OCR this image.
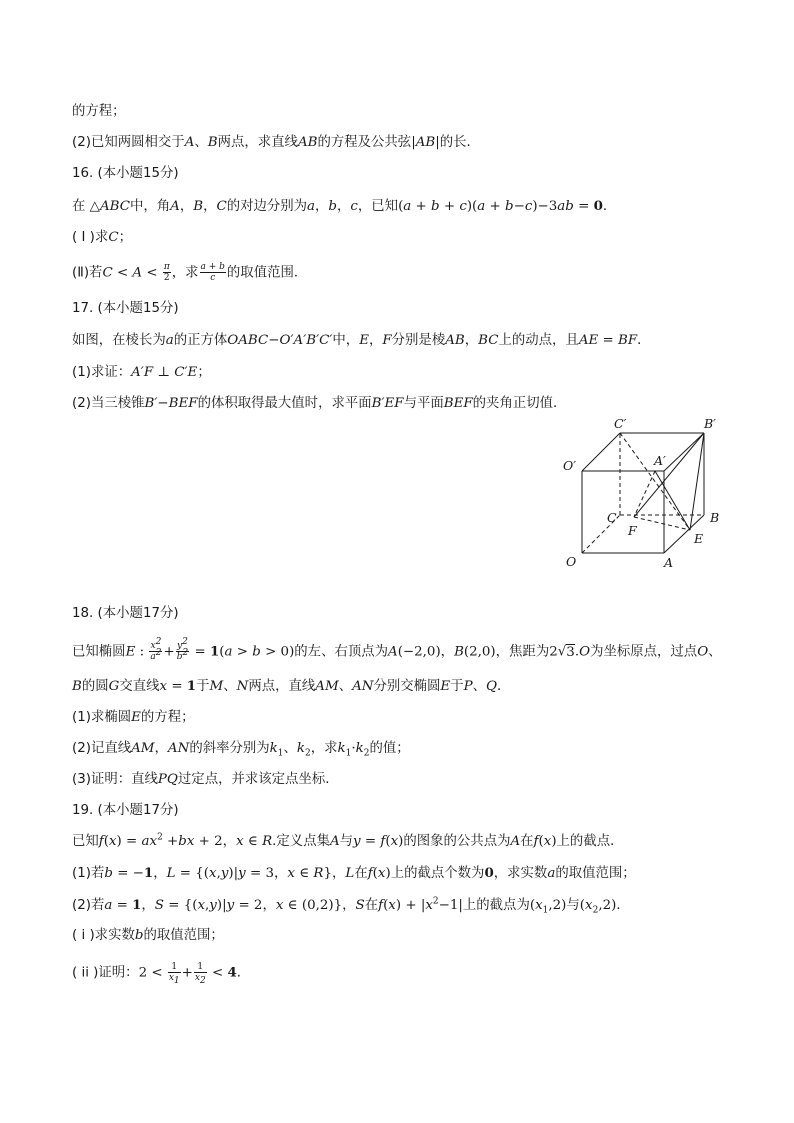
的方程；
(2)已知两圆相交于A、B两点，求直线AB的方程及公共弦|AB|的长．
16. (本小题15分)
在 △ABC中，角A，B，C的对边分别为a，b，c，已知(a + b + c)(a + b−c)−3ab = 0．
( I )求C；
(Ⅱ)若$C < A < \frac{\pi}{2}$ ，求 $\frac{a + b}{c}$ 的取值范围．
17. (本小题15分)
如图，在棱长为a的正方体OABC−O′A′B′C′中，E，F分别是棱AB，BC上的动点，且AE = BF．
(1)求证：A′F ⊥ C′E；
(2)当三棱锥B′−BEF的体积取得最大值时，求平面B′EF与平面BEF的夹角正切值．
C′	B′
A′
O′
C	B
F
E
O	A
18. (本小题17分)
已知椭圆E : $\frac{x^2}{a^2} + \frac{y^2}{b^2} = 1(a > b > 0)$的左、右顶点为A(−2,0)，B(2,0)，焦距为2√3.O为坐标原点，过点O、
B的圆G交直线x = 1于M、N两点，直线AM、AN分别交椭圆E于P、Q．
(1)求椭圆E的方程；
(2)记直线AM，AN的斜率分别为$k_1$、$k_2$，求$k_1\cdot k_2$的值；
(3)证明：直线PQ过定点，并求该定点坐标．
19. (本小题17分)
已知$f(x) = ax^2 +bx + 2$，x ∈ R.定义点集A与y = f(x)的图象的公共点为A在f(x)上的截点．
(1)若b = −1，L = {(x,y)|y = 3，x ∈ R}，L在f(x)上的截点个数为0，求实数a的取值范围；
(2)若a = 1，S = {(x,y)|y = 2，x ∈ (0,2)}，S在$f(x) + |x^2-1|$上的截点为$(x_1,2)$与$(x_2,2)$．
( i )求实数b的取值范围；
( ii )证明：$2 < \frac{1}{x_1} + \frac{1}{x_2} < 4$.
